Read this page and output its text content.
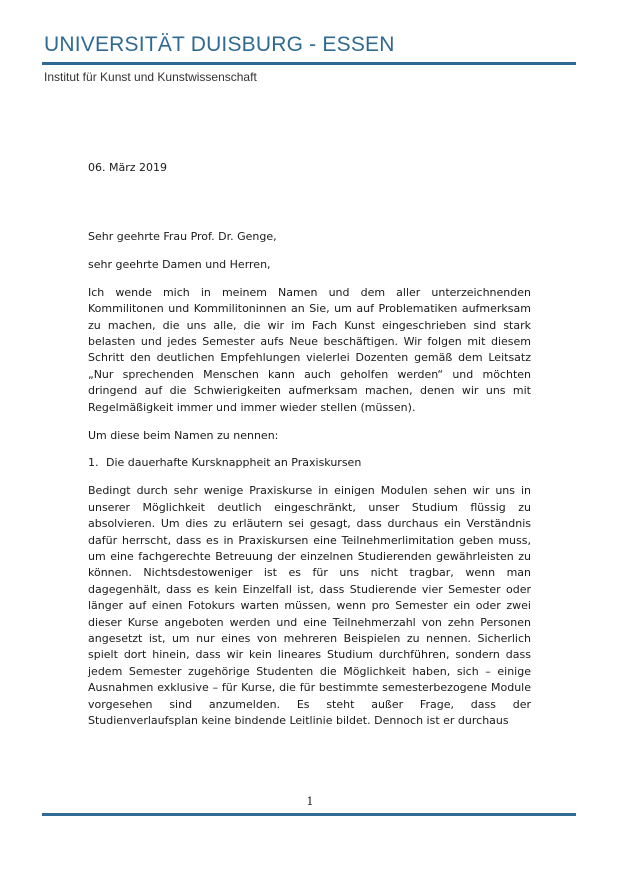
UNIVERSITÄT DUISBURG - ESSEN
Institut für Kunst und Kunstwissenschaft
06. März 2019

Sehr geehrte Frau Prof. Dr. Genge,

sehr geehrte Damen und Herren,

Ich wende mich in meinem Namen und dem aller unterzeichnenden Kommilitonen und Kommilitoninnen an Sie, um auf Problematiken aufmerksam zu machen, die uns alle, die wir im Fach Kunst eingeschrieben sind stark belasten und jedes Semester aufs Neue beschäftigen. Wir folgen mit diesem Schritt den deutlichen Empfehlungen vielerlei Dozenten gemäß dem Leitsatz „Nur sprechenden Menschen kann auch geholfen werden“ und möchten dringend auf die Schwierigkeiten aufmerksam machen, denen wir uns mit Regelmäßigkeit immer und immer wieder stellen (müssen).

Um diese beim Namen zu nennen:

1. Die dauerhafte Kursknappheit an Praxiskursen

Bedingt durch sehr wenige Praxiskurse in einigen Modulen sehen wir uns in unserer Möglichkeit deutlich eingeschränkt, unser Studium flüssig zu absolvieren. Um dies zu erläutern sei gesagt, dass durchaus ein Verständnis dafür herrscht, dass es in Praxiskursen eine Teilnehmerlimitation geben muss, um eine fachgerechte Betreuung der einzelnen Studierenden gewährleisten zu können. Nichtsdestoweniger ist es für uns nicht tragbar, wenn man dagegenhält, dass es kein Einzelfall ist, dass Studierende vier Semester oder länger auf einen Fotokurs warten müssen, wenn pro Semester ein oder zwei dieser Kurse angeboten werden und eine Teilnehmerzahl von zehn Personen angesetzt ist, um nur eines von mehreren Beispielen zu nennen. Sicherlich spielt dort hinein, dass wir kein lineares Studium durchführen, sondern dass jedem Semester zugehörige Studenten die Möglichkeit haben, sich – einige Ausnahmen exklusive – für Kurse, die für bestimmte semesterbezogene Module vorgesehen sind anzumelden. Es steht außer Frage, dass der Studienverlaufsplan keine bindende Leitlinie bildet. Dennoch ist er durchaus

1
